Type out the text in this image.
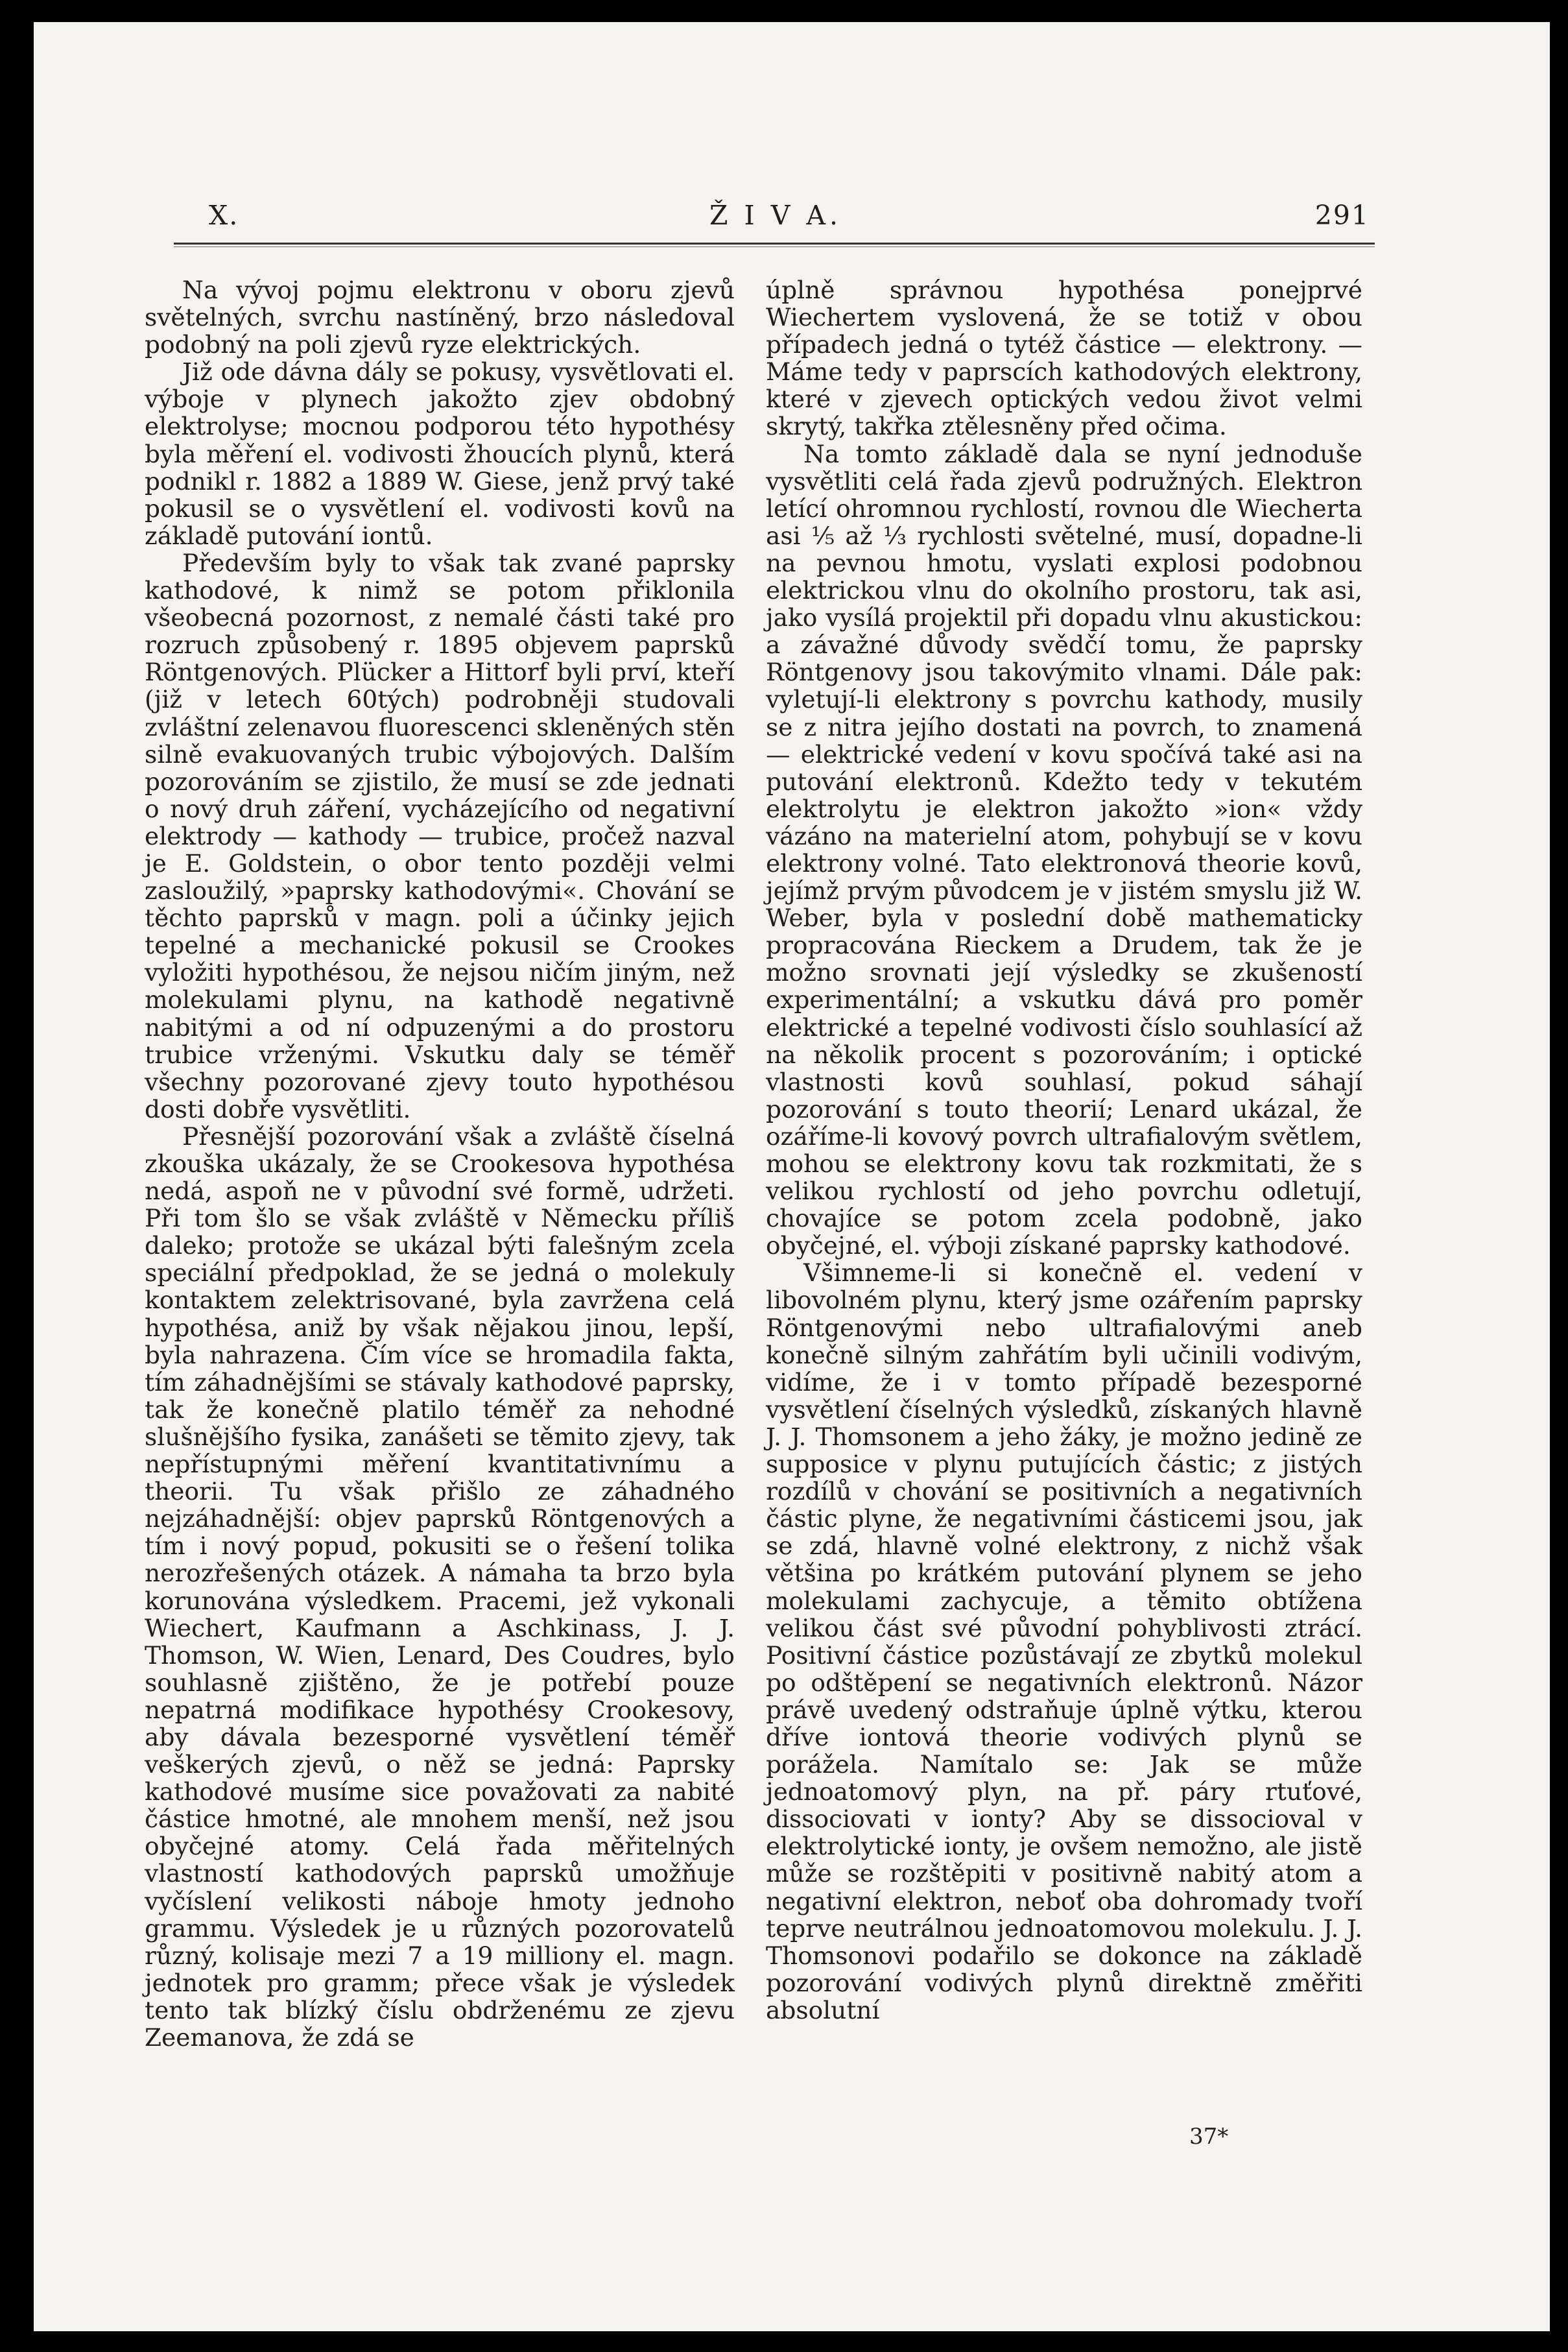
X.	Ž I V A.	291

Na vývoj pojmu elektronu v oboru zjevů světelných, svrchu nastíněný, brzo následoval podobný na poli zjevů ryze elektrických.

Již ode dávna dály se pokusy, vysvětlovati el. výboje v plynech jakožto zjev obdobný elektrolyse; mocnou podporou této hypothésy byla měření el. vodivosti žhoucích plynů, která podnikl r. 1882 a 1889 W. Giese, jenž prvý také pokusil se o vysvětlení el. vodivosti kovů na základě putování iontů.

Především byly to však tak zvané paprsky kathodové, k nimž se potom přiklonila všeobecná pozornost, z nemalé části také pro rozruch způsobený r. 1895 objevem paprsků Röntgenových. Plücker a Hittorf byli prví, kteří (již v letech 60tých) podrobněji studovali zvláštní zelenavou fluorescenci skleněných stěn silně evakuovaných trubic výbojových. Dalším pozorováním se zjistilo, že musí se zde jednati o nový druh záření, vycházejícího od negativní elektrody — kathody — trubice, pročež nazval je E. Goldstein, o obor tento později velmi zasloužilý, »paprsky kathodovými«. Chování se těchto paprsků v magn. poli a účinky jejich tepelné a mechanické pokusil se Crookes vyložiti hypothésou, že nejsou ničím jiným, než molekulami plynu, na kathodě negativně nabitými a od ní odpuzenými a do prostoru trubice vrženými. Vskutku daly se téměř všechny pozorované zjevy touto hypothésou dosti dobře vysvětliti.

Přesnější pozorování však a zvláště číselná zkouška ukázaly, že se Crookesova hypothésa nedá, aspoň ne v původní své formě, udržeti. Při tom šlo se však zvláště v Německu příliš daleko; protože se ukázal býti falešným zcela speciální předpoklad, že se jedná o molekuly kontaktem zelektrisované, byla zavržena celá hypothésa, aniž by však nějakou jinou, lepší, byla nahrazena. Čím více se hromadila fakta, tím záhadnějšími se stávaly kathodové paprsky, tak že konečně platilo téměř za nehodné slušnějšího fysika, zanášeti se těmito zjevy, tak nepřístupnými měření kvantitativnímu a theorii. Tu však přišlo ze záhadného nejzáhadnější: objev paprsků Röntgenových a tím i nový popud, pokusiti se o řešení tolika nerozřešených otázek. A námaha ta brzo byla korunována výsledkem. Pracemi, jež vykonali Wiechert, Kaufmann a Aschkinass, J. J. Thomson, W. Wien, Lenard, Des Coudres, bylo souhlasně zjištěno, že je potřebí pouze nepatrná modifikace hypothésy Crookesovy, aby dávala bezesporné vysvětlení téměř veškerých zjevů, o něž se jedná: Paprsky kathodové musíme sice považovati za nabité částice hmotné, ale mnohem menší, než jsou obyčejné atomy. Celá řada měřitelných vlastností kathodových paprsků umožňuje vyčíslení velikosti náboje hmoty jednoho grammu. Výsledek je u různých pozorovatelů různý, kolisaje mezi 7 a 19 milliony el. magn. jednotek pro gramm; přece však je výsledek tento tak blízký číslu obdrženému ze zjevu Zeemanova, že zdá se

úplně správnou hypothésa ponejprvé Wiechertem vyslovená, že se totiž v obou případech jedná o tytéž částice — elektrony. — Máme tedy v paprscích kathodových elektrony, které v zjevech optických vedou život velmi skrytý, takřka ztělesněny před očima.

Na tomto základě dala se nyní jednoduše vysvětliti celá řada zjevů podružných. Elektron letící ohromnou rychlostí, rovnou dle Wiecherta asi ⅕ až ⅓ rychlosti světelné, musí, dopadne-li na pevnou hmotu, vyslati explosi podobnou elektrickou vlnu do okolního prostoru, tak asi, jako vysílá projektil při dopadu vlnu akustickou: a závažné důvody svědčí tomu, že paprsky Röntgenovy jsou takovýmito vlnami. Dále pak: vyletují-li elektrony s povrchu kathody, musily se z nitra jejího dostati na povrch, to znamená — elektrické vedení v kovu spočívá také asi na putování elektronů. Kdežto tedy v tekutém elektrolytu je elektron jakožto »ion« vždy vázáno na materielní atom, pohybují se v kovu elektrony volné. Tato elektronová theorie kovů, jejímž prvým původcem je v jistém smyslu již W. Weber, byla v poslední době mathematicky propracována Rieckem a Drudem, tak že je možno srovnati její výsledky se zkušeností experimentální; a vskutku dává pro poměr elektrické a tepelné vodivosti číslo souhlasící až na několik procent s pozorováním; i optické vlastnosti kovů souhlasí, pokud sáhají pozorování s touto theorií; Lenard ukázal, že ozáříme-li kovový povrch ultrafialovým světlem, mohou se elektrony kovu tak rozkmitati, že s velikou rychlostí od jeho povrchu odletují, chovajíce se potom zcela podobně, jako obyčejné, el. výboji získané paprsky kathodové.

Všimneme-li si konečně el. vedení v libovolném plynu, který jsme ozářením paprsky Röntgenovými nebo ultrafialovými aneb konečně silným zahřátím byli učinili vodivým, vidíme, že i v tomto případě bezesporné vysvětlení číselných výsledků, získaných hlavně J. J. Thomsonem a jeho žáky, je možno jedině ze supposice v plynu putujících částic; z jistých rozdílů v chování se positivních a negativních částic plyne, že negativními částicemi jsou, jak se zdá, hlavně volné elektrony, z nichž však většina po krátkém putování plynem se jeho molekulami zachycuje, a těmito obtížena velikou část své původní pohyblivosti ztrácí. Positivní částice pozůstávají ze zbytků molekul po odštěpení se negativních elektronů. Názor právě uvedený odstraňuje úplně výtku, kterou dříve iontová theorie vodivých plynů se poráželа. Namítalo se: Jak se může jednoatomový plyn, na př. páry rtuťové, dissociovati v ionty? Aby se dissocioval v elektrolytické ionty, je ovšem nemožno, ale jistě může se rozštěpiti v positivně nabitý atom a negativní elektron, neboť oba dohromady tvoří teprve neutrálnou jednoatomovou molekulu. J. J. Thomsonovi podařilo se dokonce na základě pozorování vodivých plynů direktně změřiti absolutní

37*
